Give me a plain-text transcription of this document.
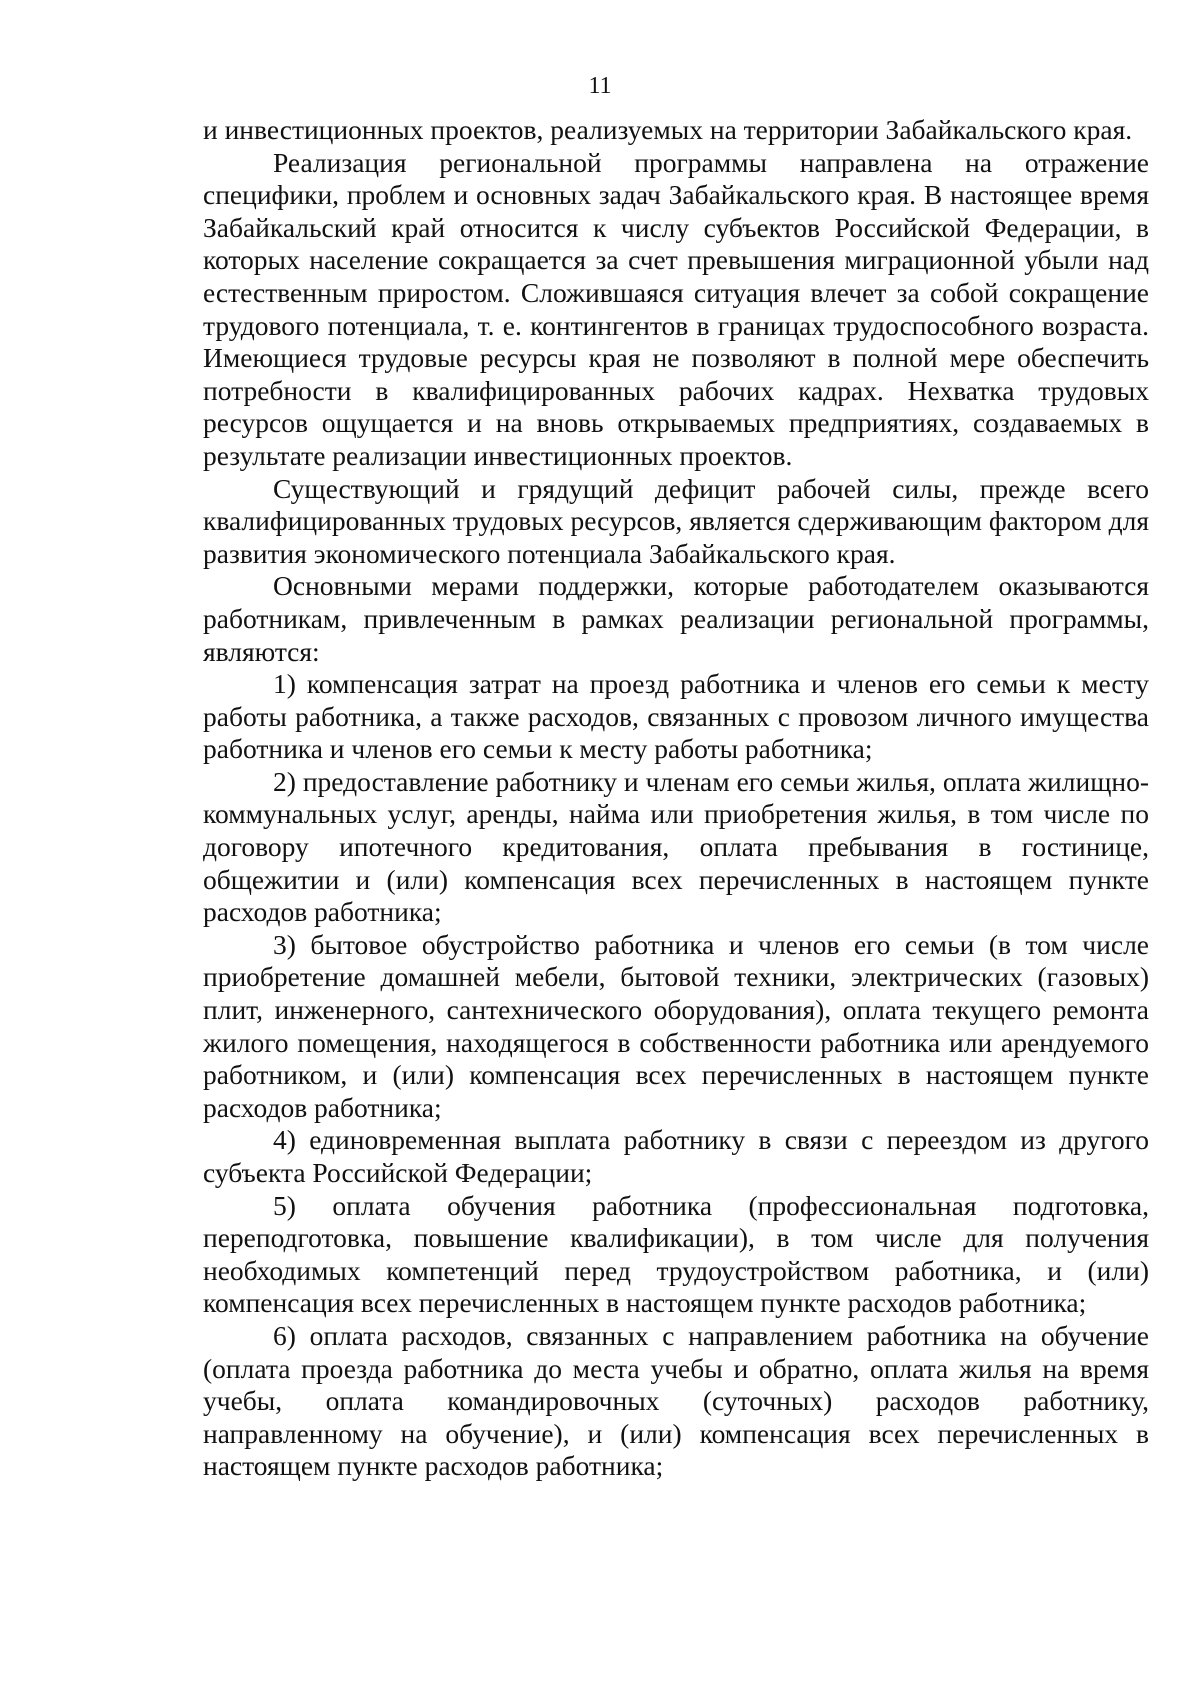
11

и инвестиционных проектов, реализуемых на территории Забайкальского края.

Реализация региональной программы направлена на отражение специфики, проблем и основных задач Забайкальского края. В настоящее время Забайкальский край относится к числу субъектов Российской Федерации, в которых население сокращается за счет превышения миграционной убыли над естественным приростом. Сложившаяся ситуация влечет за собой сокращение трудового потенциала, т. е. контингентов в границах трудоспособного возраста. Имеющиеся трудовые ресурсы края не позволяют в полной мере обеспечить потребности в квалифицированных рабочих кадрах. Нехватка трудовых ресурсов ощущается и на вновь открываемых предприятиях, создаваемых в результате реализации инвестиционных проектов.

Существующий и грядущий дефицит рабочей силы, прежде всего квалифицированных трудовых ресурсов, является сдерживающим фактором для развития экономического потенциала Забайкальского края.

Основными мерами поддержки, которые работодателем оказываются работникам, привлеченным в рамках реализации региональной программы, являются:

1) компенсация затрат на проезд работника и членов его семьи к месту работы работника, а также расходов, связанных с провозом личного имущества работника и членов его семьи к месту работы работника;

2) предоставление работнику и членам его семьи жилья, оплата жилищно-коммунальных услуг, аренды, найма или приобретения жилья, в том числе по договору ипотечного кредитования, оплата пребывания в гостинице, общежитии и (или) компенсация всех перечисленных в настоящем пункте расходов работника;

3) бытовое обустройство работника и членов его семьи (в том числе приобретение домашней мебели, бытовой техники, электрических (газовых) плит, инженерного, сантехнического оборудования), оплата текущего ремонта жилого помещения, находящегося в собственности работника или арендуемого работником, и (или) компенсация всех перечисленных в настоящем пункте расходов работника;

4) единовременная выплата работнику в связи с переездом из другого субъекта Российской Федерации;

5) оплата обучения работника (профессиональная подготовка, переподготовка, повышение квалификации), в том числе для получения необходимых компетенций перед трудоустройством работника, и (или) компенсация всех перечисленных в настоящем пункте расходов работника;

6) оплата расходов, связанных с направлением работника на обучение (оплата проезда работника до места учебы и обратно, оплата жилья на время учебы, оплата командировочных (суточных) расходов работнику, направленному на обучение), и (или) компенсация всех перечисленных в настоящем пункте расходов работника;
